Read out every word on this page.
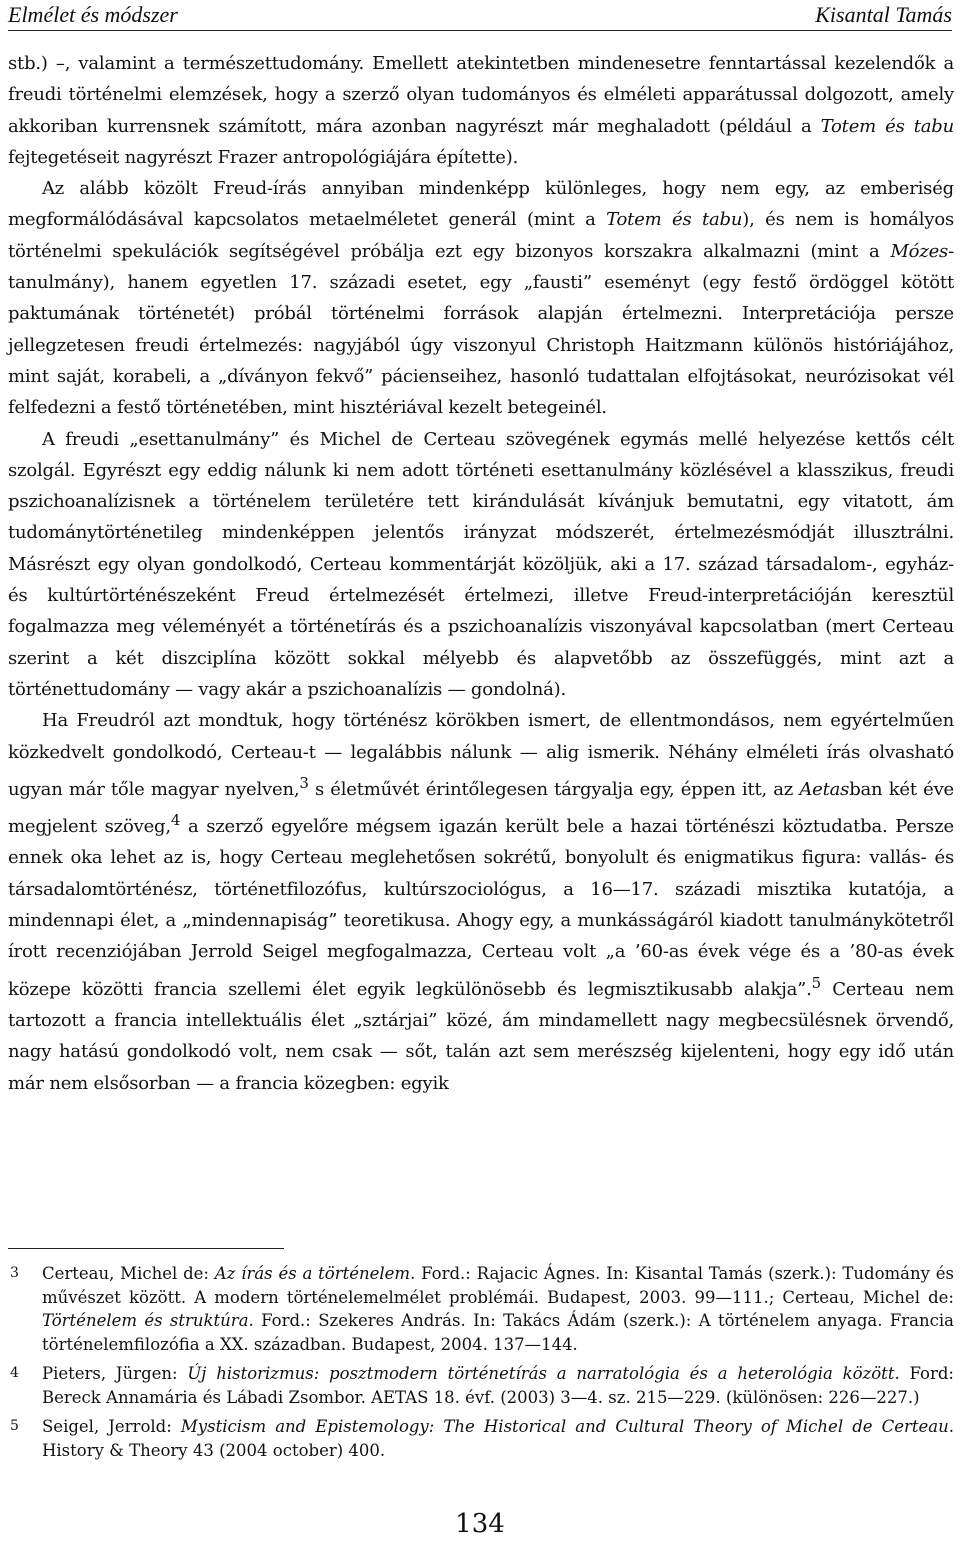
Elmélet és módszer	Kisantal Tamás

stb.) –, valamint a természettudomány. Emellett atekintetben mindenesetre fenntartással kezelendők a freudi történelmi elemzések, hogy a szerző olyan tudományos és elméleti apparátussal dolgozott, amely akkoriban kurrensnek számított, mára azonban nagyrészt már meghaladott (például a Totem és tabu fejtegetéseit nagyrészt Frazer antropológiájára építette).

Az alább közölt Freud-írás annyiban mindenképp különleges, hogy nem egy, az emberiség megformálódásával kapcsolatos metaelméletet generál (mint a Totem és tabu), és nem is homályos történelmi spekulációk segítségével próbálja ezt egy bizonyos korszakra alkalmazni (mint a Mózes-tanulmány), hanem egyetlen 17. századi esetet, egy „fausti” eseményt (egy festő ördöggel kötött paktumának történetét) próbál történelmi források alapján értelmezni. Interpretációja persze jellegzetesen freudi értelmezés: nagyjából úgy viszonyul Christoph Haitzmann különös históriájához, mint saját, korabeli, a „díványon fekvő” pácienseihez, hasonló tudattalan elfojtásokat, neurózisokat vél felfedezni a festő történetében, mint hisztériával kezelt betegeinél.

A freudi „esettanulmány” és Michel de Certeau szövegének egymás mellé helyezése kettős célt szolgál. Egyrészt egy eddig nálunk ki nem adott történeti esettanulmány közlésével a klasszikus, freudi pszichoanalízisnek a történelem területére tett kirándulását kívánjuk bemutatni, egy vitatott, ám tudománytörténetileg mindenképpen jelentős irányzat módszerét, értelmezésmódját illusztrálni. Másrészt egy olyan gondolkodó, Certeau kommentárját közöljük, aki a 17. század társadalom-, egyház- és kultúrtörténészeként Freud értelmezését értelmezi, illetve Freud-interpretációján keresztül fogalmazza meg véleményét a történetírás és a pszichoanalízis viszonyával kapcsolatban (mert Certeau szerint a két diszciplína között sokkal mélyebb és alapvetőbb az összefüggés, mint azt a történettudomány — vagy akár a pszichoanalízis — gondolná).

Ha Freudról azt mondtuk, hogy történész körökben ismert, de ellentmondásos, nem egyértelműen közkedvelt gondolkodó, Certeau-t — legalábbis nálunk — alig ismerik. Néhány elméleti írás olvasható ugyan már tőle magyar nyelven,$^3$ s életművét érintőlegesen tárgyalja egy, éppen itt, az Aetasban két éve megjelent szöveg,$^4$ a szerző egyelőre mégsem igazán került bele a hazai történészi köztudatba. Persze ennek oka lehet az is, hogy Certeau meglehetősen sokrétű, bonyolult és enigmatikus figura: vallás- és társadalomtörténész, történetfilozófus, kultúrszociológus, a 16—17. századi misztika kutatója, a mindennapi élet, a „mindennapiság” teoretikusa. Ahogy egy, a munkásságáról kiadott tanulmánykötetről írott recenziójában Jerrold Seigel megfogalmazza, Certeau volt „a ’60-as évek vége és a ’80-as évek közepe közötti francia szellemi élet egyik legkülönösebb és legmisztikusabb alakja”.$^5$ Certeau nem tartozott a francia intellektuális élet „sztárjai” közé, ám mindamellett nagy megbecsülésnek örvendő, nagy hatású gondolkodó volt, nem csak — sőt, talán azt sem merészség kijelenteni, hogy egy idő után már nem elsősorban — a francia közegben: egyik

3	Certeau, Michel de: Az írás és a történelem. Ford.: Rajacic Ágnes. In: Kisantal Tamás (szerk.): Tudomány és művészet között. A modern történelemelmélet problémái. Budapest, 2003. 99—111.; Certeau, Michel de: Történelem és struktúra. Ford.: Szekeres András. In: Takács Ádám (szerk.): A történelem anyaga. Francia történelemfilozófia a XX. században. Budapest, 2004. 137—144.
4	Pieters, Jürgen: Új historizmus: posztmodern történetírás a narratológia és a heterológia között. Ford: Bereck Annamária és Lábadi Zsombor. AETAS 18. évf. (2003) 3—4. sz. 215—229. (különösen: 226—227.)
5	Seigel, Jerrold: Mysticism and Epistemology: The Historical and Cultural Theory of Michel de Certeau. History & Theory 43 (2004 october) 400.
134
